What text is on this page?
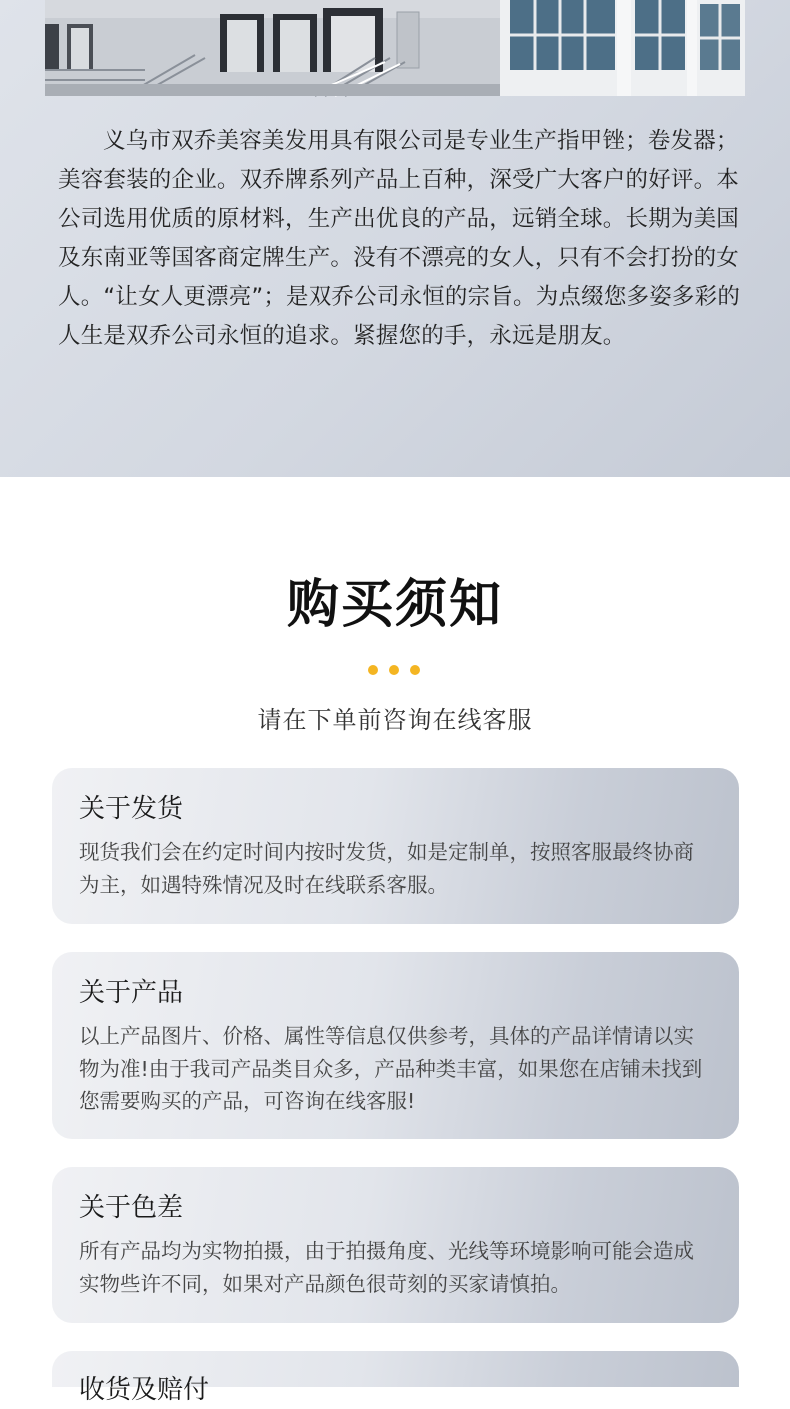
义乌市双乔美容美发用具有限公司是专业生产指甲锉；卷发器；美容套装的企业。双乔牌系列产品上百种，深受广大客户的好评。本公司选用优质的原材料，生产出优良的产品，远销全球。长期为美国及东南亚等国客商定牌生产。没有不漂亮的女人，只有不会打扮的女人。“让女人更漂亮”；是双乔公司永恒的宗旨。为点缀您多姿多彩的人生是双乔公司永恒的追求。紧握您的手，永远是朋友。

购买须知

请在下单前咨询在线客服

关于发货

现货我们会在约定时间内按时发货，如是定制单，按照客服最终协商为主，如遇特殊情况及时在线联系客服。

关于产品

以上产品图片、价格、属性等信息仅供参考，具体的产品详情请以实物为准!由于我司产品类目众多，产品种类丰富，如果您在店铺未找到您需要购买的产品，可咨询在线客服!

关于色差

所有产品均为实物拍摄，由于拍摄角度、光线等环境影响可能会造成实物些许不同，如果对产品颜色很苛刻的买家请慎拍。

收货及赔付
